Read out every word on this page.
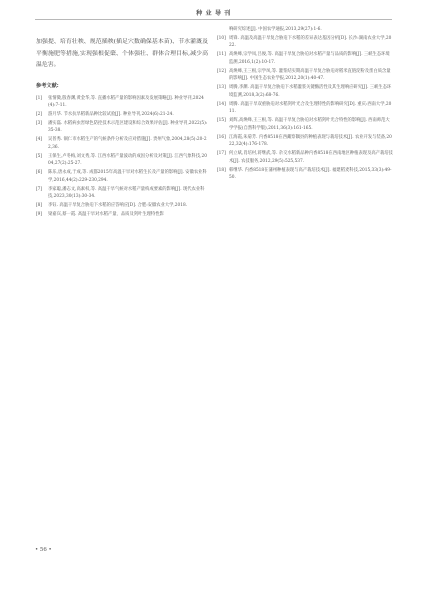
种 业 导 刊

加强提、培育壮秧、规范插秧(插足穴数确保基本苗)、节水灌溉及平衡施肥等措施,实现强根促蘖、个体强壮、群体合理目标,减少高温危害。

参考文献:
[1]	张情微,殷春渊,黄金华,等. 直播水稻产量的影响因素及发展策略[J]. 种业导刊,2024(4):7-11.
[2]	游月华. 节水抗旱稻新品种比较试验[J]. 种业导刊,2024(6):21-24.
[3]	潘实磊. 水稻病虫害绿色防控技术示范区建设和综合效果评估[J]. 种业导刊,2022(5):35-38.
[4]	吴普秀. 铜仁市水稻生产的气候条件分析及应对措施[J]. 贵州气象,2004,28(5):20-22,36.
[5]	王保生,卢冬梅,刘文秀,等. 江西水稻产量波动的成因分析及对策[J]. 江西气象科技,2004,27(2):25-27.
[6]	陈乐,唐永成,于成,等. 成都2015年高温干旱对水稻生长及产量的影响[J]. 安徽农业科学,2016,44(2):229-230,294.
[7]	李家聪,潘志文,高素权,等. 高温干旱气候对水稻产量构成要素的影响[J]. 现代农业科技,2023,30(13):30-34.
[8]	李钰. 高温干旱复合胁迫下水稻的应答响应[D]. 合肥:安徽农业大学,2018.
[9]	梁嘉宾,蔡一霞. 高温干旱对水稻产量、品质及剑叶生理特性影
响研究综述[J]. 中国农学通报,2013,29(27):1-6.
[10] 周锋. 高温及高温干旱复合胁迫下水稻的差异表达基因分析[D]. 长沙:湖南农业大学,2022.
[11] 高焕峰,宗学凤,吕俊,等. 高温干旱复合胁迫对水稻产量与品质的影响[J]. 三峡生态环境监测,2016,1(2):10-17.
[12] 高焕峰,王三根,宗学凤,等. 灌浆结实期高温干旱复合胁迫对稻米直链淀粉及蛋白质含量的影响[J]. 中国生态农业学报,2012,20(1):40-47.
[13] 周腾,李渊. 高温干旱复合胁迫下水稻灌浆关键酶活性及其生理响应研究[J]. 三峡生态环境监测,2018,3(2):68-76.
[14] 周腾. 高温干旱双重胁迫对水稻剑叶光合及生理特性的影响研究[D]. 重庆:西南大学,2011.
[15] 刘辉,高焕峰,王三根,等. 高温干旱复合胁迫对水稻剑叶光合特性的影响[J]. 西南师范大学学报(自然科学版),2011,36(3):161-165.
[16] 江海霞,朱菊芳. 内香8518在西藏察隅县的种植表现与栽培技术[J]. 农业开发与装备,2022,32(4):176-178.
[17] 何立斌,肖培村,蒋继武,等. 杂交水稻新品种内香8518在西南地区种植表现及高产栽培技术[J]. 农技服务,2012,29(5):525,537.
[18] 韩继华. 内香8518在蒲州种植表现与高产栽培技术[J]. 福建稻麦科技,2015,33(3):49-50.
• 56 •
